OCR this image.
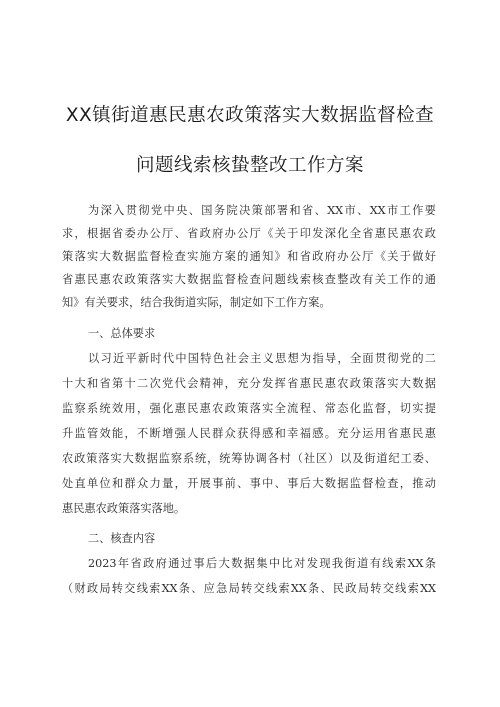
XX镇街道惠民惠农政策落实大数据监督检查
问题线索核蛰整改工作方案
为深入贯彻党中央、国务院决策部署和省、XX市、XX市工作要
求，根据省委办公厅、省政府办公厅《关于印发深化全省惠民惠农政
策落实大数据监督检查实施方案的通知》和省政府办公厅《关于做好
省惠民惠农政策落实大数据监督检查问题线索核查整改有关工作的通
知》有关要求，结合我街道实际，制定如下工作方案。
一、总体要求
以习近平新时代中国特色社会主义思想为指导，全面贯彻党的二
十大和省第十二次党代会精神，充分发挥省惠民惠农政策落实大数据
监察系统效用，强化惠民惠农政策落实全流程、常态化监督，切实提
升监管效能，不断增强人民群众获得感和幸福感。充分运用省惠民惠
农政策落实大数据监察系统，统筹协调各村（社区）以及街道纪工委、
处直单位和群众力量，开展事前、事中、事后大数据监督检查，推动
惠民惠农政策落实落地。
二、核查内容
2023年省政府通过事后大数据集中比对发现我街道有线索XX条
（财政局转交线索XX条、应急局转交线索XX条、民政局转交线索XX
